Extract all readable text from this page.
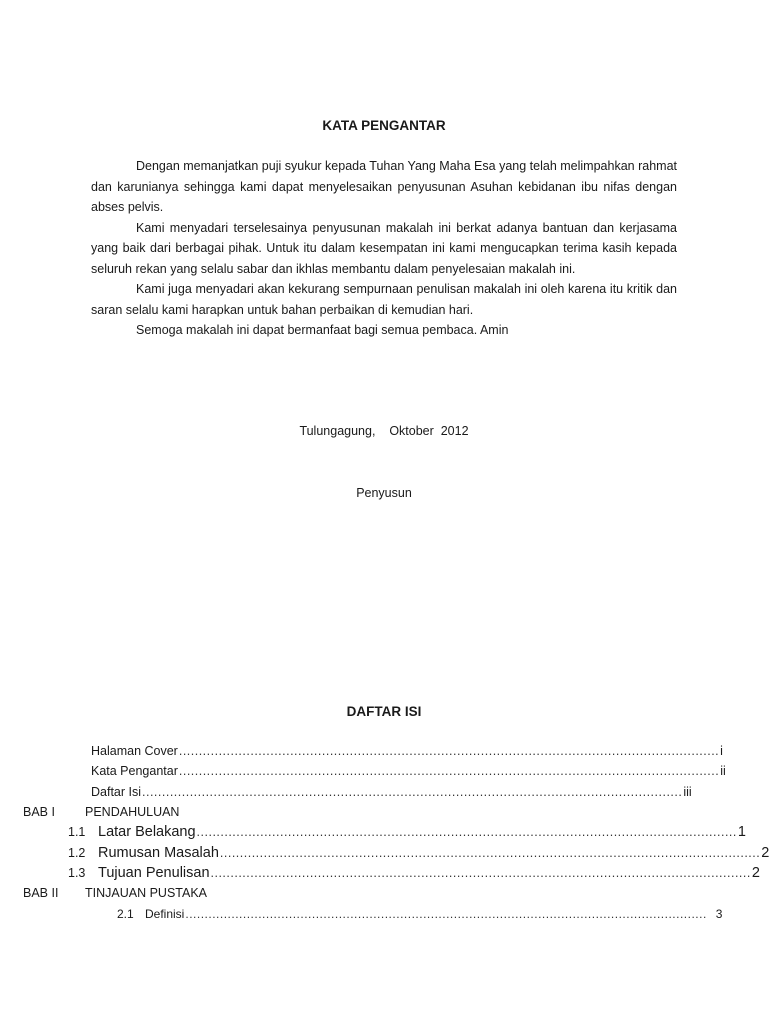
KATA PENGANTAR

Dengan memanjatkan puji syukur kepada Tuhan Yang Maha Esa yang telah melimpahkan rahmat dan karunianya sehingga kami dapat menyelesaikan penyusunan Asuhan kebidanan ibu nifas dengan abses pelvis.

Kami menyadari terselesainya penyusunan makalah ini berkat adanya bantuan dan kerjasama yang baik dari berbagai pihak. Untuk itu dalam kesempatan ini kami mengucapkan terima kasih kepada seluruh rekan yang selalu sabar dan ikhlas membantu dalam penyelesaian makalah ini.

Kami juga menyadari akan kekurang sempurnaan penulisan makalah ini oleh karena itu kritik dan saran selalu kami harapkan untuk bahan perbaikan di kemudian hari.

Semoga makalah ini dapat bermanfaat bagi semua pembaca. Amin

Tulungagung,    Oktober  2012
Penyusun
DAFTAR ISI
Halaman Cover ........................................................................................................................................ i
Kata Pengantar ........................................................................................................................................ ii
Daftar Isi ........................................................................................................................................ iii
BAB I	PENDAHULUAN
1.1 Latar Belakang ........................................................................................................................................ 1
1.2 Rumusan Masalah ........................................................................................................................................ 2
1.3 Tujuan Penulisan ........................................................................................................................................ 2
BAB II	TINJAUAN PUSTAKA
2.1 Definisi ........................................................................................................................................ 3
